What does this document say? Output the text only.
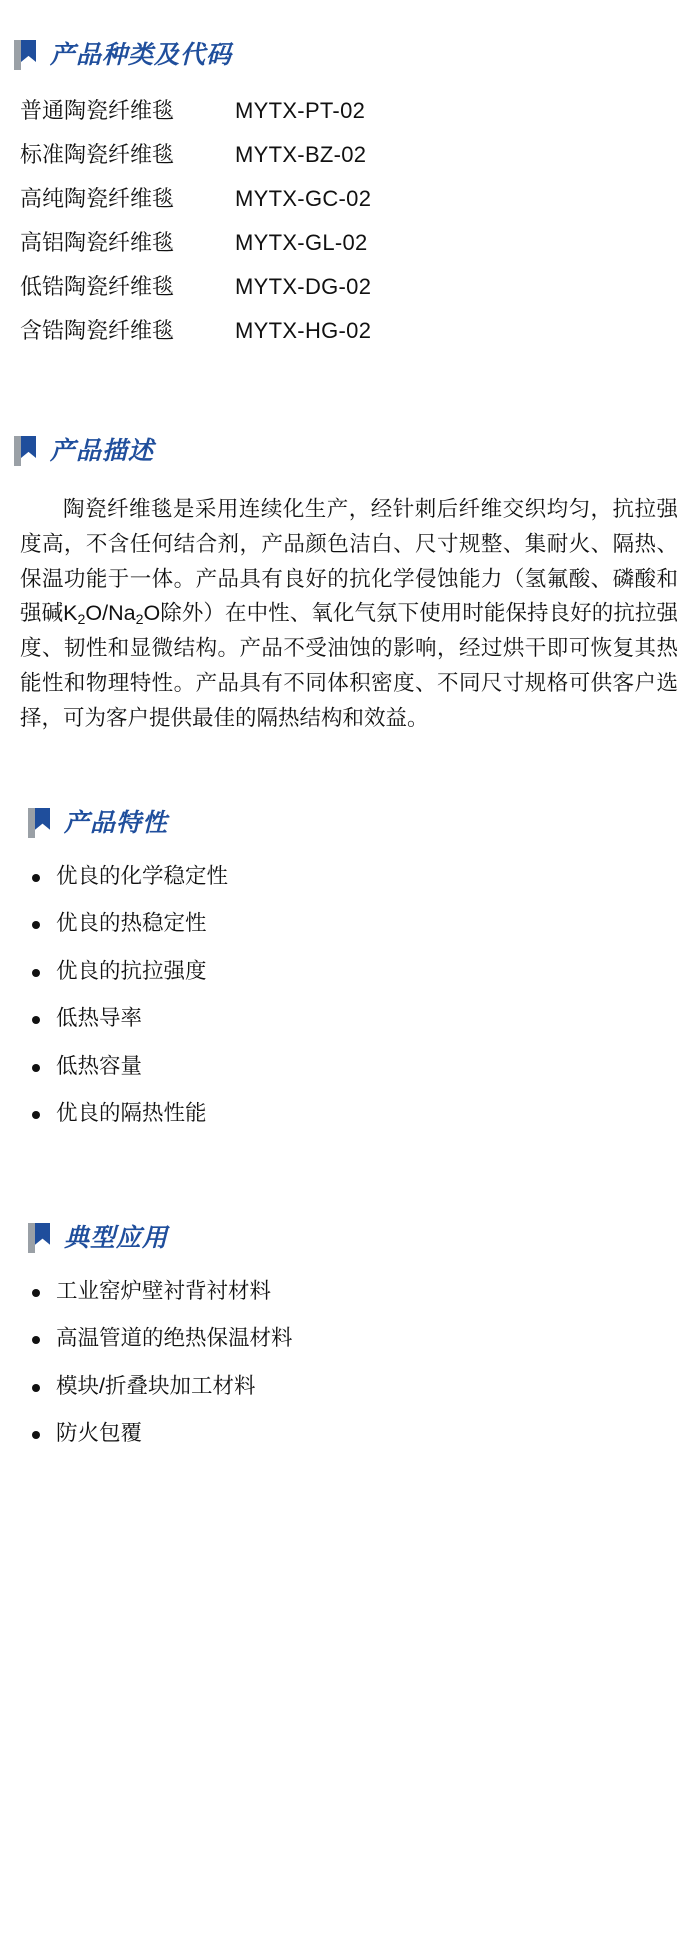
产品种类及代码
普通陶瓷纤维毯	MYTX-PT-02
标准陶瓷纤维毯	MYTX-BZ-02
高纯陶瓷纤维毯	MYTX-GC-02
高铝陶瓷纤维毯	MYTX-GL-02
低锆陶瓷纤维毯	MYTX-DG-02
含锆陶瓷纤维毯	MYTX-HG-02
产品描述

陶瓷纤维毯是采用连续化生产，经针刺后纤维交织均匀，抗拉强度高，不含任何结合剂，产品颜色洁白、尺寸规整、集耐火、隔热、保温功能于一体。产品具有良好的抗化学侵蚀能力（氢氟酸、磷酸和强碱$K_2O/Na_2O$除外）在中性、氧化气氛下使用时能保持良好的抗拉强度、韧性和显微结构。产品不受油蚀的影响，经过烘干即可恢复其热能性和物理特性。产品具有不同体积密度、不同尺寸规格可供客户选择，可为客户提供最佳的隔热结构和效益。

产品特性
优良的化学稳定性
优良的热稳定性
优良的抗拉强度
低热导率
低热容量
优良的隔热性能
典型应用
工业窑炉壁衬背衬材料
高温管道的绝热保温材料
模块/折叠块加工材料
防火包覆
